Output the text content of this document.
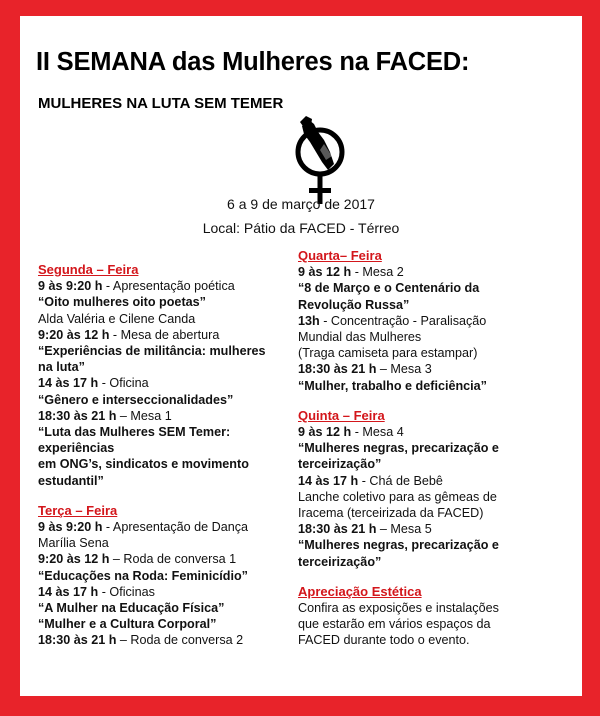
II SEMANA das Mulheres na FACED:
MULHERES NA LUTA SEM TEMER
6 a 9 de março de 2017
Local: Pátio da FACED - Térreo
Segunda – Feira
9 às 9:20 h - Apresentação poética
“Oito mulheres oito poetas”
Alda Valéria e Cilene Canda
9:20 às 12 h - Mesa de abertura
“Experiências de militância: mulheres
na luta”
14 às 17 h - Oficina
“Gênero e interseccionalidades”
18:30 às 21 h – Mesa 1
“Luta das Mulheres SEM Temer:
experiências
em ONG’s, sindicatos e movimento
estudantil”
Terça – Feira
9 às 9:20 h - Apresentação de Dança
Marília Sena
9:20 às 12 h – Roda de conversa 1
“Educações na Roda: Feminicídio”
14 às 17 h - Oficinas
“A Mulher na Educação Física”
“Mulher e a Cultura Corporal”
18:30 às 21 h – Roda de conversa 2
Quarta– Feira
9 às 12 h - Mesa 2
“8 de Março e o Centenário da
Revolução Russa”
13h - Concentração - Paralisação
Mundial das Mulheres
(Traga camiseta para estampar)
18:30 às 21 h – Mesa 3
“Mulher, trabalho e deficiência”
Quinta – Feira
9 às 12 h - Mesa 4
“Mulheres negras, precarização e
terceirização”
14 às 17 h - Chá de Bebê
Lanche coletivo para as gêmeas de
Iracema (terceirizada da FACED)
18:30 às 21 h – Mesa 5
“Mulheres negras, precarização e
terceirização”
Apreciação Estética
Confira as exposições e instalações
que estarão em vários espaços da
FACED durante todo o evento.
